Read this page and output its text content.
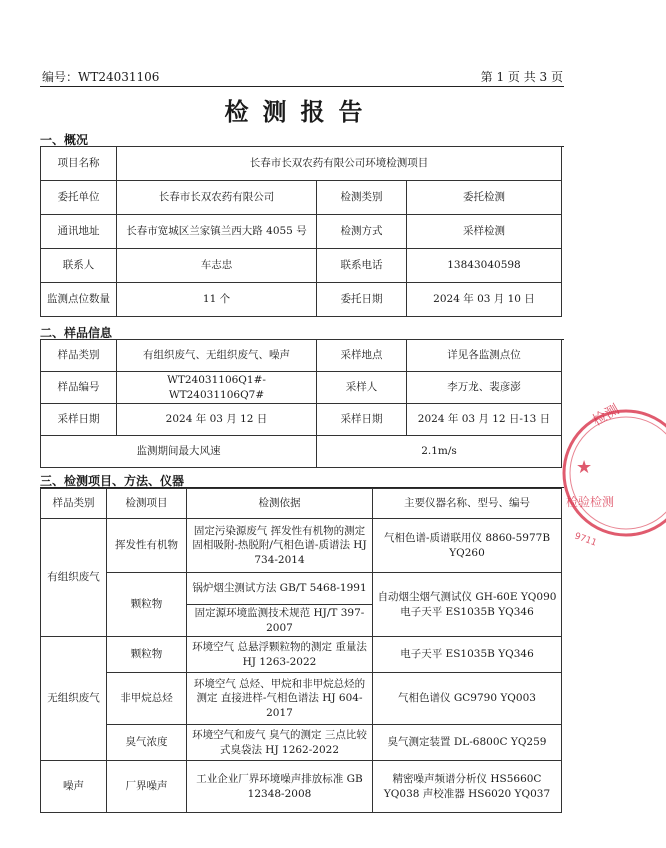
编号：WT24031106	第 1 页 共 3 页
检测报告
一、概况
项目名称	长春市长双农药有限公司环境检测项目		
委托单位	长春市长双农药有限公司	检测类别	委托检测
通讯地址	长春市宽城区兰家镇兰西大路 4055 号	检测方式	采样检测
联系人	车志忠	联系电话	13843040598
监测点位数量	11 个	委托日期	2024 年 03 月 10 日
二、样品信息
样品类别	有组织废气、无组织废气、噪声	采样地点	详见各监测点位
样品编号	WT24031106Q1#-WT24031106Q7#	采样人	李万龙、裴彦澎
采样日期	2024 年 03 月 12 日	采样日期	2024 年 03 月 12 日-13 日
监测期间最大风速		2.1m/s	
三、检测项目、方法、仪器
样品类别	检测项目	检测依据	主要仪器名称、型号、编号
有组织废气	挥发性有机物	固定污染源废气 挥发性有机物的测定 固相吸附-热脱附/气相色谱-质谱法 HJ 734-2014	气相色谱-质谱联用仪 8860-5977B YQ260
	颗粒物	锅炉烟尘测试方法 GB/T 5468-1991	自动烟尘烟气测试仪 GH-60E YQ090 电子天平 ES1035B YQ346
		固定源环境监测技术规范 HJ/T 397-2007	
无组织废气	颗粒物	环境空气 总悬浮颗粒物的测定 重量法 HJ 1263-2022	电子天平 ES1035B YQ346
	非甲烷总烃	环境空气 总烃、甲烷和非甲烷总烃的测定 直接进样-气相色谱法 HJ 604-2017	气相色谱仪 GC9790 YQ003
	臭气浓度	环境空气和废气 臭气的测定 三点比较式臭袋法 HJ 1262-2022	臭气测定装置 DL-6800C YQ259
噪声	厂界噪声	工业企业厂界环境噪声排放标准 GB 12348-2008	精密噪声频谱分析仪 HS5660C YQ038 声校准器 HS6020 YQ037
检测
★
检验检测
9711
